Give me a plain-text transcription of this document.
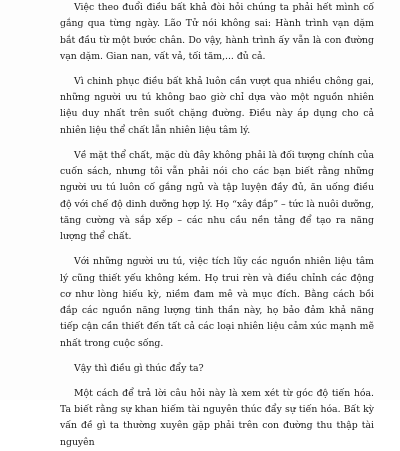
Việc theo đuổi điều bất khả đòi hỏi chúng ta phải hết mình cố gắng qua từng ngày. Lão Tử nói không sai: Hành trình vạn dặm bắt đầu từ một bước chân. Do vậy, hành trình ấy vẫn là con đường vạn dặm. Gian nan, vất vả, tối tăm,... đủ cả.

Vì chinh phục điều bất khả luôn cần vượt qua nhiều chông gai, những người ưu tú không bao giờ chỉ dựa vào một nguồn nhiên liệu duy nhất trên suốt chặng đường. Điều này áp dụng cho cả nhiên liệu thể chất lẫn nhiên liệu tâm lý.

Về mặt thể chất, mặc dù đây không phải là đối tượng chính của cuốn sách, nhưng tôi vẫn phải nói cho các bạn biết rằng những người ưu tú luôn cố gắng ngủ và tập luyện đầy đủ, ăn uống điều độ với chế độ dinh dưỡng hợp lý. Họ “xây đắp” – tức là nuôi dưỡng, tăng cường và sắp xếp – các nhu cầu nền tảng để tạo ra năng lượng thể chất.

Với những người ưu tú, việc tích lũy các nguồn nhiên liệu tâm lý cũng thiết yếu không kém. Họ trui rèn và điều chỉnh các động cơ như lòng hiếu kỳ, niềm đam mê và mục đích. Bằng cách bồi đắp các nguồn năng lượng tinh thần này, họ bảo đảm khả năng tiếp cận cần thiết đến tất cả các loại nhiên liệu cảm xúc mạnh mẽ nhất trong cuộc sống.

Vậy thì điều gì thúc đẩy ta?

Một cách để trả lời câu hỏi này là xem xét từ góc độ tiến hóa. Ta biết rằng sự khan hiếm tài nguyên thúc đẩy sự tiến hóa. Bất kỳ vấn đề gì ta thường xuyên gặp phải trên con đường thu thập tài nguyên
